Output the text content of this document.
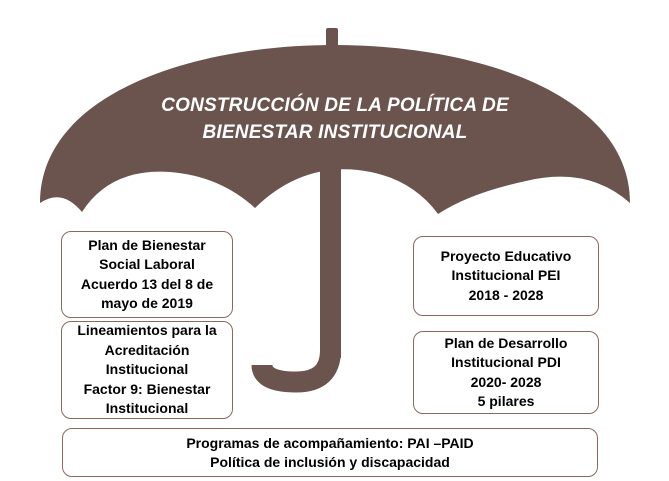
CONSTRUCCIÓN DE LA POLÍTICA DE
BIENESTAR INSTITUCIONAL
Plan de Bienestar
Social Laboral
Acuerdo 13 del 8 de
mayo de 2019
Lineamientos para la
Acreditación
Institucional
Factor 9: Bienestar
Institucional
Proyecto Educativo
Institucional PEI
2018 - 2028
Plan de Desarrollo
Institucional PDI
2020- 2028
5 pilares
Programas de acompañamiento: PAI –PAID
Política de inclusión y discapacidad
